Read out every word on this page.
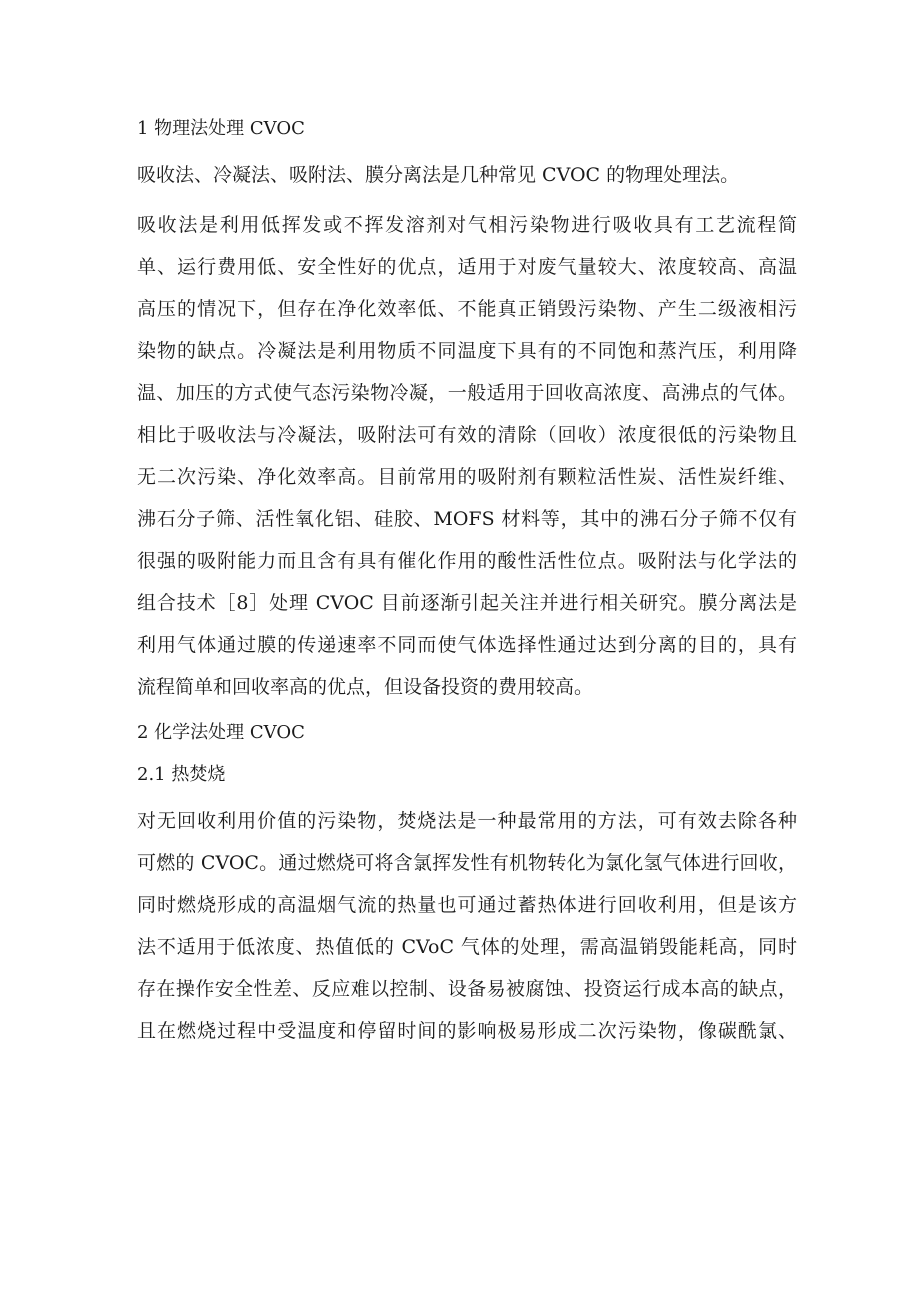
1 物理法处理 CVOC
吸收法、冷凝法、吸附法、膜分离法是几种常见 CVOC 的物理处理法。
吸收法是利用低挥发或不挥发溶剂对气相污染物进行吸收具有工艺流程简
单、运行费用低、安全性好的优点，适用于对废气量较大、浓度较高、高温
高压的情况下，但存在净化效率低、不能真正销毁污染物、产生二级液相污
染物的缺点。冷凝法是利用物质不同温度下具有的不同饱和蒸汽压，利用降
温、加压的方式使气态污染物冷凝，一般适用于回收高浓度、高沸点的气体。
相比于吸收法与冷凝法，吸附法可有效的清除（回收）浓度很低的污染物且
无二次污染、净化效率高。目前常用的吸附剂有颗粒活性炭、活性炭纤维、
沸石分子筛、活性氧化铝、硅胶、MOFS 材料等，其中的沸石分子筛不仅有
很强的吸附能力而且含有具有催化作用的酸性活性位点。吸附法与化学法的
组合技术［8］处理 CVOC 目前逐渐引起关注并进行相关研究。膜分离法是
利用气体通过膜的传递速率不同而使气体选择性通过达到分离的目的，具有
流程简单和回收率高的优点，但设备投资的费用较高。
2 化学法处理 CVOC
2.1 热焚烧
对无回收利用价值的污染物，焚烧法是一种最常用的方法，可有效去除各种
可燃的 CVOC。通过燃烧可将含氯挥发性有机物转化为氯化氢气体进行回收，
同时燃烧形成的高温烟气流的热量也可通过蓄热体进行回收利用，但是该方
法不适用于低浓度、热值低的 CVoC 气体的处理，需高温销毁能耗高，同时
存在操作安全性差、反应难以控制、设备易被腐蚀、投资运行成本高的缺点，
且在燃烧过程中受温度和停留时间的影响极易形成二次污染物，像碳酰氯、
